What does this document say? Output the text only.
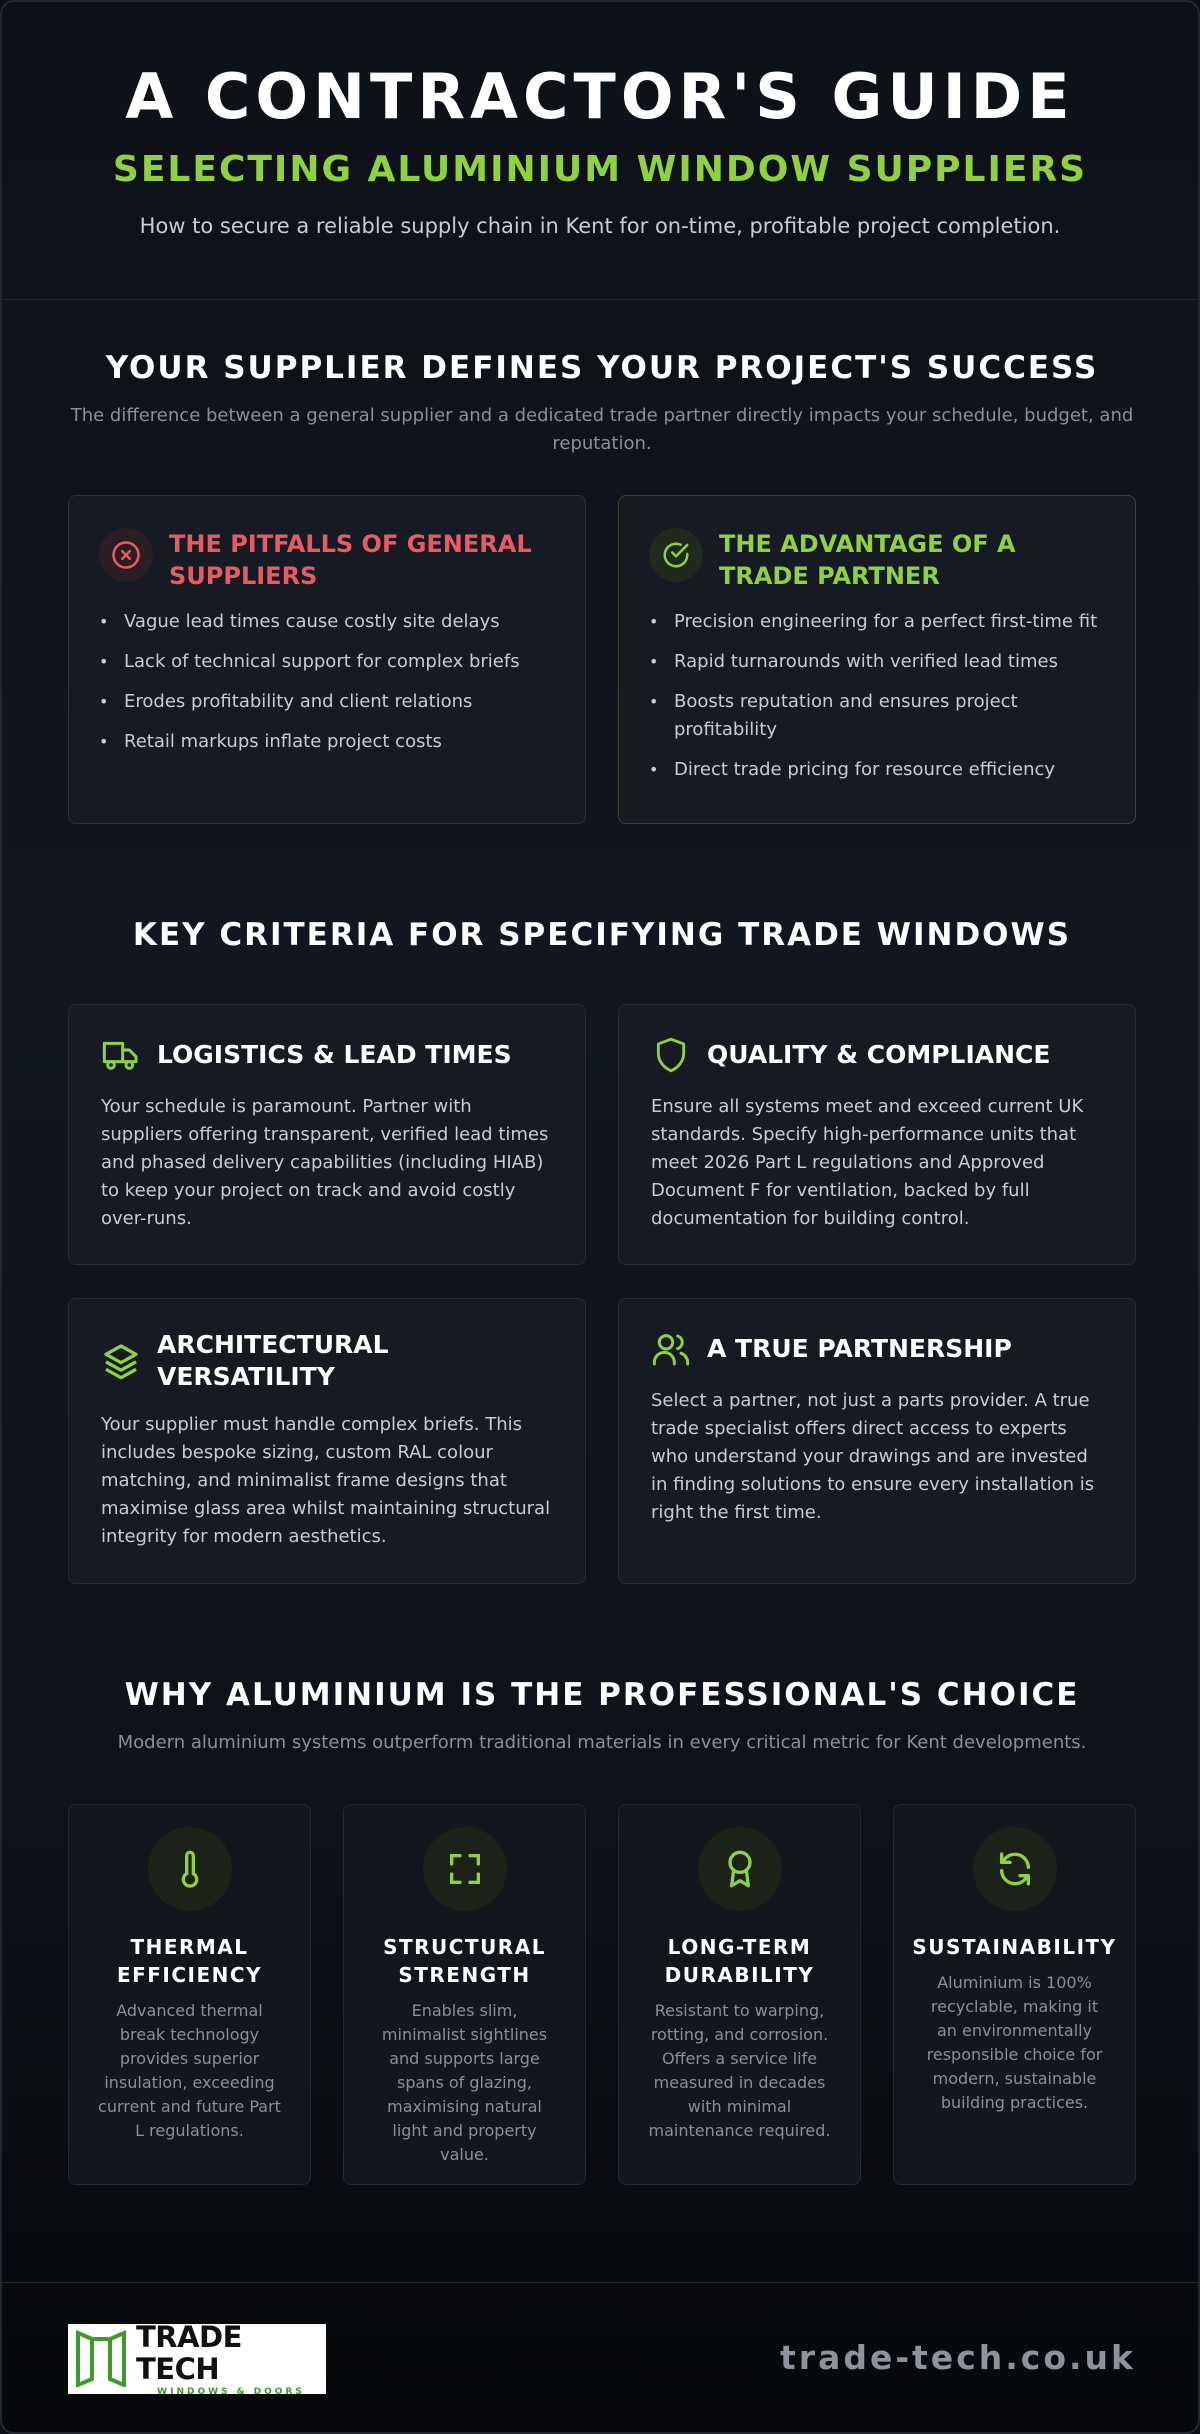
A CONTRACTOR'S GUIDE
SELECTING ALUMINIUM WINDOW SUPPLIERS
How to secure a reliable supply chain in Kent for on-time, profitable project completion.
YOUR SUPPLIER DEFINES YOUR PROJECT'S SUCCESS
The difference between a general supplier and a dedicated trade partner directly impacts your schedule, budget, and reputation.
THE PITFALLS OF GENERAL SUPPLIERS
• Vague lead times cause costly site delays
• Lack of technical support for complex briefs
• Erodes profitability and client relations
• Retail markups inflate project costs
THE ADVANTAGE OF A TRADE PARTNER
• Precision engineering for a perfect first-time fit
• Rapid turnarounds with verified lead times
• Boosts reputation and ensures project profitability
• Direct trade pricing for resource efficiency
KEY CRITERIA FOR SPECIFYING TRADE WINDOWS
LOGISTICS & LEAD TIMES
Your schedule is paramount. Partner with suppliers offering transparent, verified lead times and phased delivery capabilities (including HIAB) to keep your project on track and avoid costly over-runs.
QUALITY & COMPLIANCE
Ensure all systems meet and exceed current UK standards. Specify high-performance units that meet 2026 Part L regulations and Approved Document F for ventilation, backed by full documentation for building control.
ARCHITECTURAL VERSATILITY
Your supplier must handle complex briefs. This includes bespoke sizing, custom RAL colour matching, and minimalist frame designs that maximise glass area whilst maintaining structural integrity for modern aesthetics.
A TRUE PARTNERSHIP
Select a partner, not just a parts provider. A true trade specialist offers direct access to experts who understand your drawings and are invested in finding solutions to ensure every installation is right the first time.
WHY ALUMINIUM IS THE PROFESSIONAL'S CHOICE
Modern aluminium systems outperform traditional materials in every critical metric for Kent developments.
THERMAL EFFICIENCY
Advanced thermal break technology provides superior insulation, exceeding current and future Part L regulations.
STRUCTURAL STRENGTH
Enables slim, minimalist sightlines and supports large spans of glazing, maximising natural light and property value.
LONG-TERM DURABILITY
Resistant to warping, rotting, and corrosion. Offers a service life measured in decades with minimal maintenance required.
SUSTAINABILITY
Aluminium is 100% recyclable, making it an environmentally responsible choice for modern, sustainable building practices.
TRADE TECH
WINDOWS & DOORS
trade-tech.co.uk
